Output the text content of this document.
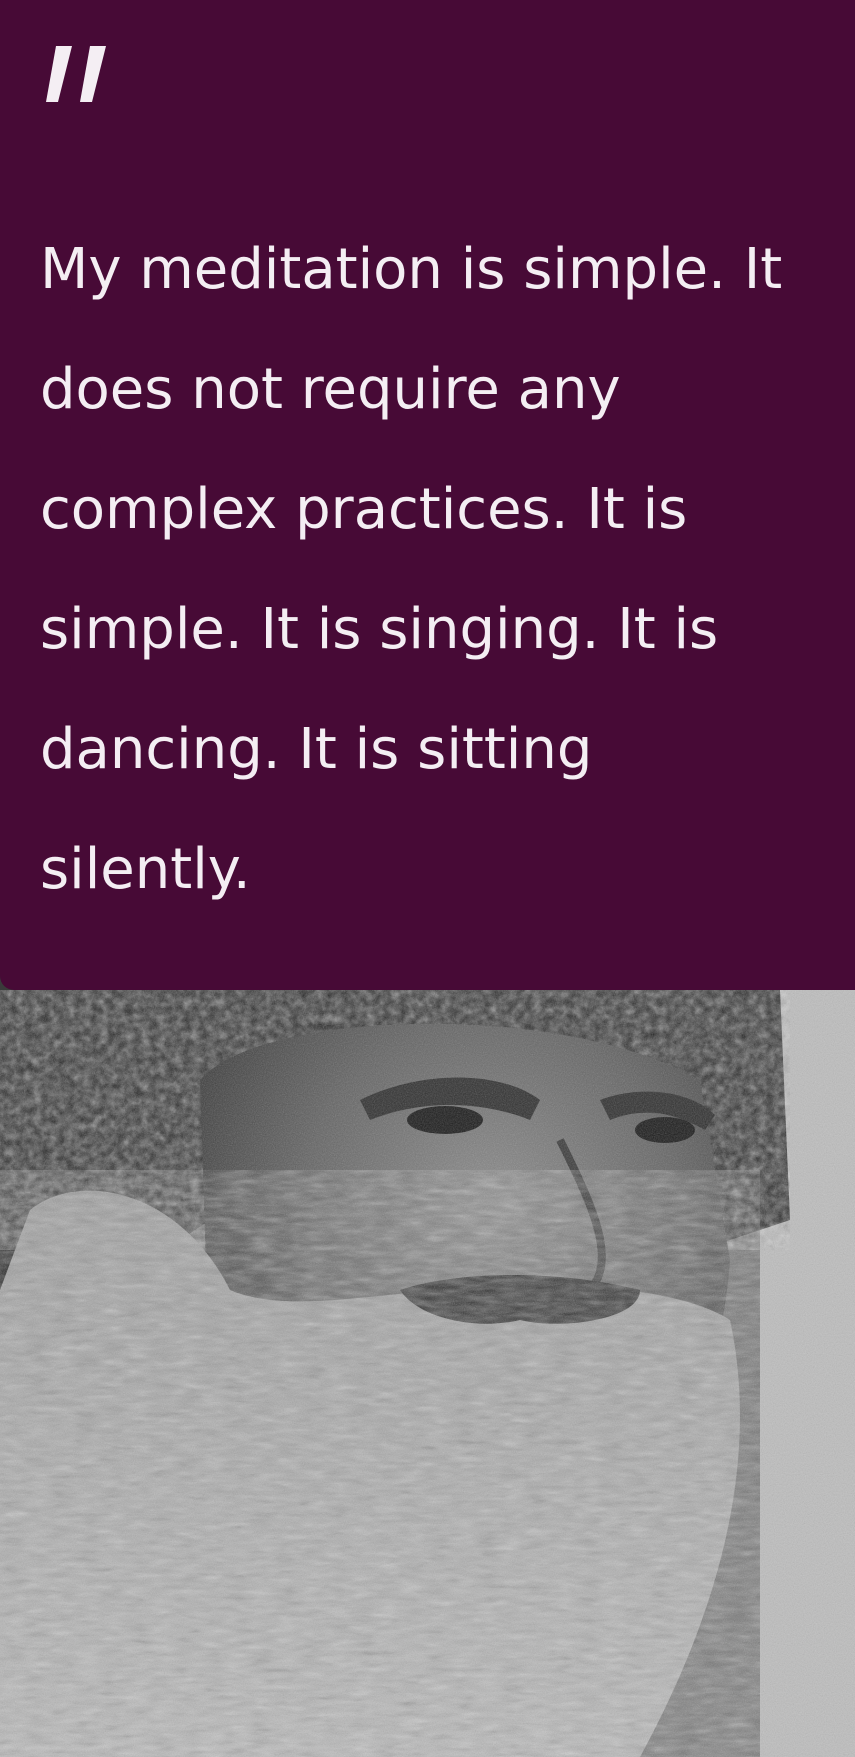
My meditation is simple. It
does not require any
complex practices. It is
simple. It is singing. It is
dancing. It is sitting
silently.
